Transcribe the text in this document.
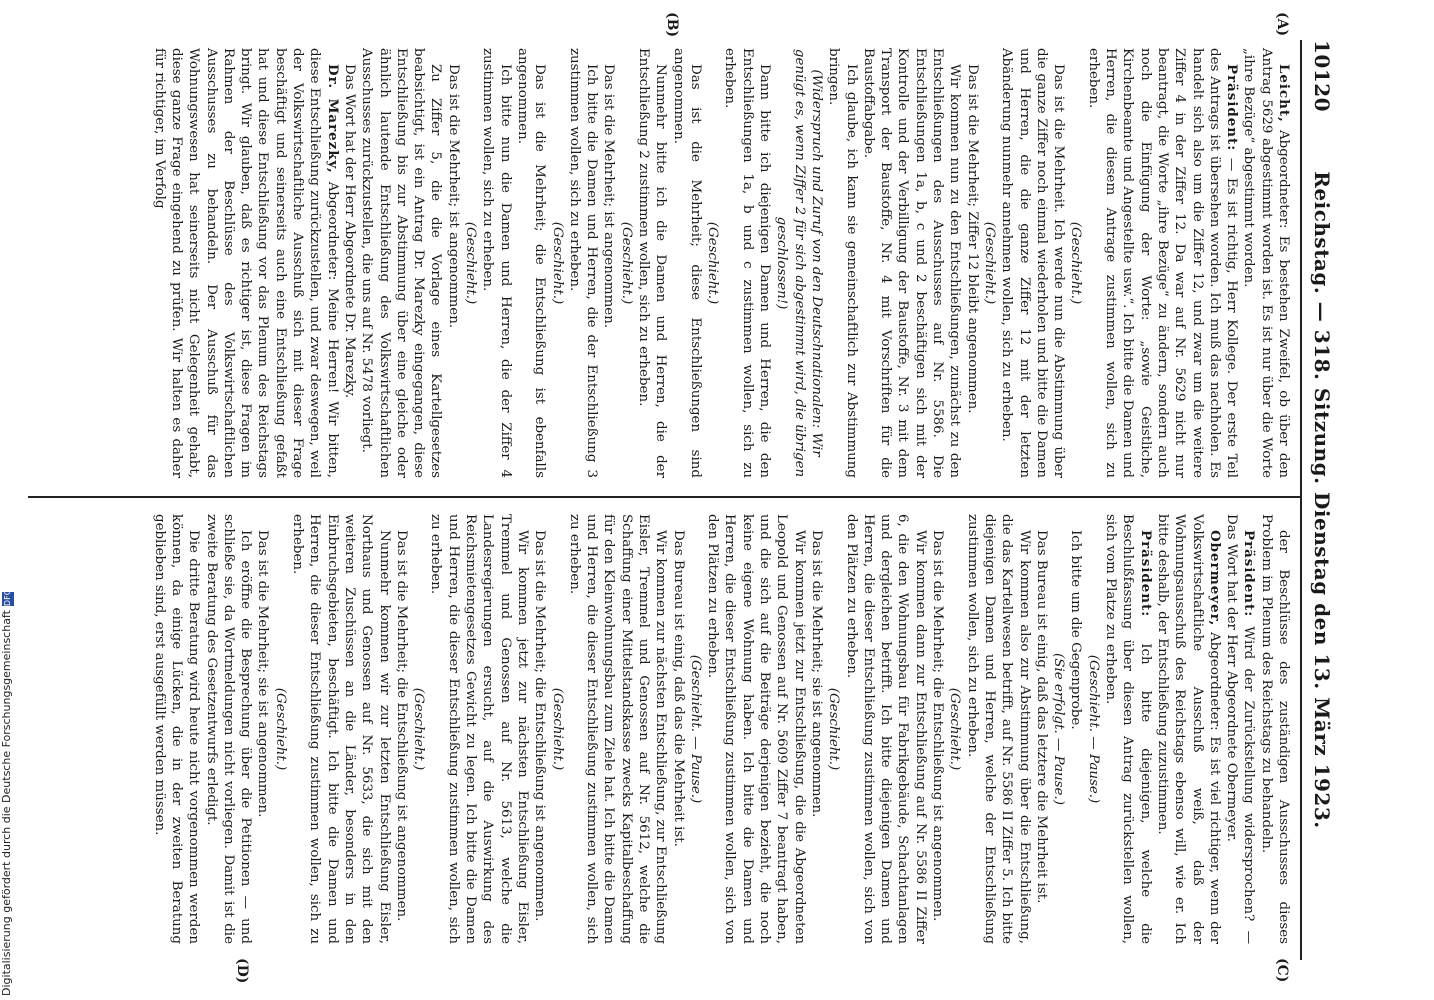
10120
Reichstag. — 318. Sitzung. Dienstag den 13. März 1923.
(A)
(B)
(C)
(D)

Leicht, Abgeordneter: Es bestehen Zweifel, ob über den Antrag 5629 abgestimmt worden ist. Es ist nur über die Worte „ihre Bezüge“ abgestimmt worden.

Präsident: — Es ist richtig, Herr Kollege. Der erste Teil des Antrags ist übersehen worden. Ich muß das nachholen. Es handelt sich also um die Ziffer 12, und zwar um die weitere Ziffer 4 in der Ziffer 12. Da war auf Nr. 5629 nicht nur beantragt, die Worte „ihre Bezüge“ zu ändern, sondern auch noch die Einfügung der Worte: „sowie Geistliche, Kirchenbeamte und Angestellte usw.“. Ich bitte die Damen und Herren, die diesem Antrage zustimmen wollen, sich zu erheben.

(Geschieht.)

Das ist die Mehrheit. Ich werde nun die Abstimmung über die ganze Ziffer noch einmal wiederholen und bitte die Damen und Herren, die die ganze Ziffer 12 mit der letzten Abänderung nunmehr annehmen wollen, sich zu erheben.

(Geschieht.)

Das ist die Mehrheit; Ziffer 12 bleibt angenommen.

Wir kommen nun zu den Entschließungen, zunächst zu den Entschließungen des Ausschusses auf Nr. 5586. Die Entschließungen 1a, b, c und 2 beschäftigen sich mit der Kontrolle und der Verbilligung der Baustoffe, Nr. 3 mit dem Transport der Baustoffe, Nr. 4 mit Vorschriften für die Baustoffabgabe.

Ich glaube, ich kann sie gemeinschaftlich zur Abstimmung bringen.

(Widerspruch und Zuruf von den Deutschnationalen: Wir genügt es, wenn Ziffer 2 für sich abgestimmt wird, die übrigen geschlossen!)

Dann bitte ich diejenigen Damen und Herren, die den Entschließungen 1a, b und c zustimmen wollen, sich zu erheben.

(Geschieht.)

Das ist die Mehrheit; diese Entschließungen sind angenommen.

Nunmehr bitte ich die Damen und Herren, die der Entschließung 2 zustimmen wollen, sich zu erheben.

(Geschieht.)

Das ist die Mehrheit; ist angenommen.

Ich bitte die Damen und Herren, die der Entschließung 3 zustimmen wollen, sich zu erheben.

(Geschieht.)

Das ist die Mehrheit; die Entschließung ist ebenfalls angenommen.

Ich bitte nun die Damen und Herren, die der Ziffer 4 zustimmen wollen, sich zu erheben.

(Geschieht.)

Das ist die Mehrheit; ist angenommen.

Zu Ziffer 5, die die Vorlage eines Kartellgesetzes beabsichtigt, ist ein Antrag Dr. Marezky eingegangen, diese Entschließung bis zur Abstimmung über eine gleiche oder ähnlich lautende Entschließung des Volkswirtschaftlichen Ausschusses zurückzustellen, die uns auf Nr. 5478 vorliegt.

Das Wort hat der Herr Abgeordnete Dr. Marezky.

Dr. Marezky, Abgeordneter: Meine Herren! Wir bitten, diese Entschließung zurückzustellen, und zwar deswegen, weil der Volkswirtschaftliche Ausschuß sich mit dieser Frage beschäftigt und seinerseits auch eine Entschließung gefaßt hat und diese Entschließung vor das Plenum des Reichstags bringt. Wir glauben, daß es richtiger ist, diese Fragen im Rahmen der Beschlüsse des Volkswirtschaftlichen Ausschusses zu behandeln. Der Ausschuß für das Wohnungswesen hat seinerseits nicht Gelegenheit gehabt, diese ganze Frage eingehend zu prüfen. Wir halten es daher für richtiger, im Verfolg

der Beschlüsse des zuständigen Ausschusses dieses Problem im Plenum des Reichstags zu behandeln.

Präsident: Wird der Zurückstellung widersprochen? — Das Wort hat der Herr Abgeordnete Obermeyer.

Obermeyer, Abgeordneter: Es ist viel richtiger, wenn der Volkswirtschaftliche Ausschuß weiß, daß der Wohnungsausschuß des Reichstags ebenso will, wie er. Ich bitte deshalb, der Entschließung zuzustimmen.

Präsident: Ich bitte diejenigen, welche die Beschlußfassung über diesen Antrag zurückstellen wollen, sich vom Platze zu erheben.

(Geschieht. — Pause.)

Ich bitte um die Gegenprobe.

(Sie erfolgt. — Pause.)

Das Bureau ist einig, daß das letztere die Mehrheit ist.

Wir kommen also zur Abstimmung über die Entschließung, die das Kartellwesen betrifft, auf Nr. 5586 II Ziffer 5. Ich bitte diejenigen Damen und Herren, welche der Entschließung zustimmen wollen, sich zu erheben.

(Geschieht.)

Das ist die Mehrheit; die Entschließung ist angenommen.

Wir kommen dann zur Entschließung auf Nr. 5586 II Ziffer 6, die den Wohnungsbau für Fabrikgebäude, Schachtanlagen und dergleichen betrifft. Ich bitte diejenigen Damen und Herren, die dieser Entschließung zustimmen wollen, sich von den Plätzen zu erheben.

(Geschieht.)

Das ist die Mehrheit; sie ist angenommen.

Wir kommen jetzt zur Entschließung, die die Abgeordneten Leopold und Genossen auf Nr. 5609 Ziffer 7 beantragt haben, und die sich auf die Beiträge derjenigen bezieht, die noch keine eigene Wohnung haben. Ich bitte die Damen und Herren, die dieser Entschließung zustimmen wollen, sich von den Plätzen zu erheben.

(Geschieht. — Pause.)

Das Bureau ist einig, daß das die Mehrheit ist.

Wir kommen zur nächsten Entschließung, zur Entschließung Eisler, Tremmel und Genossen auf Nr. 5612, welche die Schaffung einer Mittelstandskasse zwecks Kapitalbeschaffung für den Kleinwohnungsbau zum Ziele hat. Ich bitte die Damen und Herren, die dieser Entschließung zustimmen wollen, sich zu erheben.

(Geschieht.)

Das ist die Mehrheit; die Entschließung ist angenommen.

Wir kommen jetzt zur nächsten Entschließung Eisler, Tremmel und Genossen auf Nr. 5613, welche die Landesregierungen ersucht, auf die Auswirkung des Reichsmietengesetzes Gewicht zu legen. Ich bitte die Damen und Herren, die dieser Entschließung zustimmen wollen, sich zu erheben.

(Geschieht.)

Das ist die Mehrheit; die Entschließung ist angenommen.

Nunmehr kommen wir zur letzten Entschließung Eisler, Northaus und Genossen auf Nr. 5633, die sich mit den weiteren Zuschüssen an die Länder, besonders in den Einbruchsgebieten, beschäftigt. Ich bitte die Damen und Herren, die dieser Entschließung zustimmen wollen, sich zu erheben.

(Geschieht.)

Das ist die Mehrheit; sie ist angenommen.

Ich eröffne die Besprechung über die Petitionen — und schließe sie, da Wortmeldungen nicht vorliegen. Damit ist die zweite Beratung des Gesetzentwurfs erledigt.

Die dritte Beratung wird heute nicht vorgenommen werden können, da einige Lücken, die in der zweiten Beratung geblieben sind, erst ausgefüllt werden müssen.

Digitalisierung gefördert durch die Deutsche ForschungsgemeinschaftDFG
